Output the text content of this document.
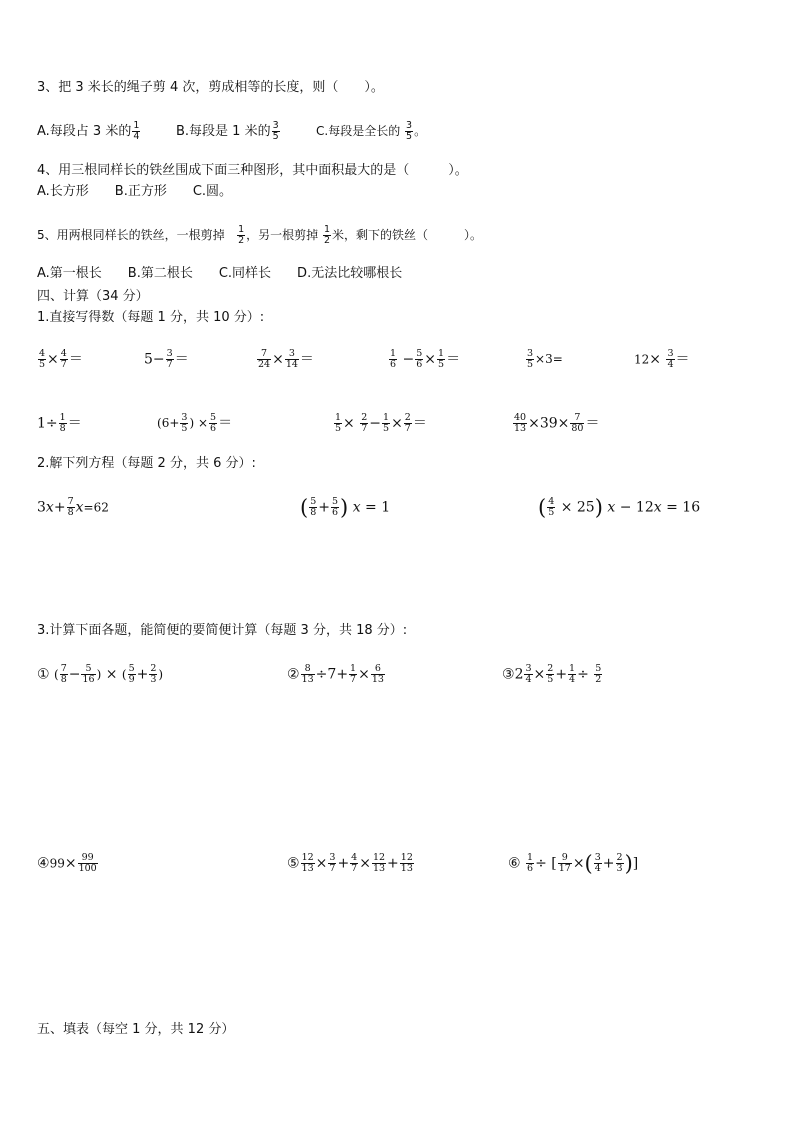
3、把 3 米长的绳子剪 4 次，剪成相等的长度，则（　　）。
A.每段占 3 米的 $\frac{1}{4}$	B.每段是 1 米的 $\frac{3}{5}$	C.每段是全长的 $\frac{3}{5}$ 。
4、用三根同样长的铁丝围成下面三种图形，其中面积最大的是（　　　）。
A.长方形　　B.正方形　　C.圆。
5、用两根同样长的铁丝，一根剪掉 $\frac{1}{2}$ ，另一根剪掉 $\frac{1}{2}$ 米，剩下的铁丝（　　　）。
A.第一根长　　B.第二根长　　C.同样长　　D.无法比较哪根长
四、计算（34 分）
1.直接写得数（每题 1 分，共 10 分）:
$\frac{4}{5} \times \frac{4}{7}$ ＝	$5- \frac{3}{7}$ ＝	$\frac{7}{24} \times \frac{3}{14}$ ＝	$\frac{1}{6} - \frac{5}{6} \times \frac{1}{5}$ ＝	$\frac{3}{5} \times 3=$	$12\times \frac{3}{4}$ ＝
$1\div \frac{1}{8}$ ＝	($6+ \frac{3}{5}$ ) × $\frac{5}{6}$ ＝	$\frac{1}{5} \times \frac{2}{7} - \frac{1}{5} \times \frac{2}{7}$ ＝	$\frac{40}{13} \times 39\times \frac{7}{80}$ ＝
2.解下列方程（每题 2 分，共 6 分）:
$3x+ \frac{7}{8} x=62$	( $\frac{5}{8} + \frac{5}{6}$ ) x = 1	( $\frac{4}{5} \times 25$) x − 12x = 16
3.计算下面各题，能简便的要简便计算（每题 3 分，共 18 分）:
① ( $\frac{7}{8} - \frac{5}{16}$ ) × ( $\frac{5}{9} + \frac{2}{3}$ )	② $\frac{8}{13} \div 7+ \frac{1}{7} \times \frac{6}{13}$	③2 $\frac{3}{4} \times \frac{2}{5} + \frac{1}{4} \div \frac{5}{2}$
④99× $\frac{99}{100}$	⑤ $\frac{12}{13} \times \frac{3}{7} + \frac{4}{7} \times \frac{12}{13} + \frac{12}{13}$	⑥ $\frac{1}{6}$ ÷ [ $\frac{9}{17}$ ×( $\frac{3}{4} + \frac{2}{3}$ )]
五、填表（每空 1 分，共 12 分）
